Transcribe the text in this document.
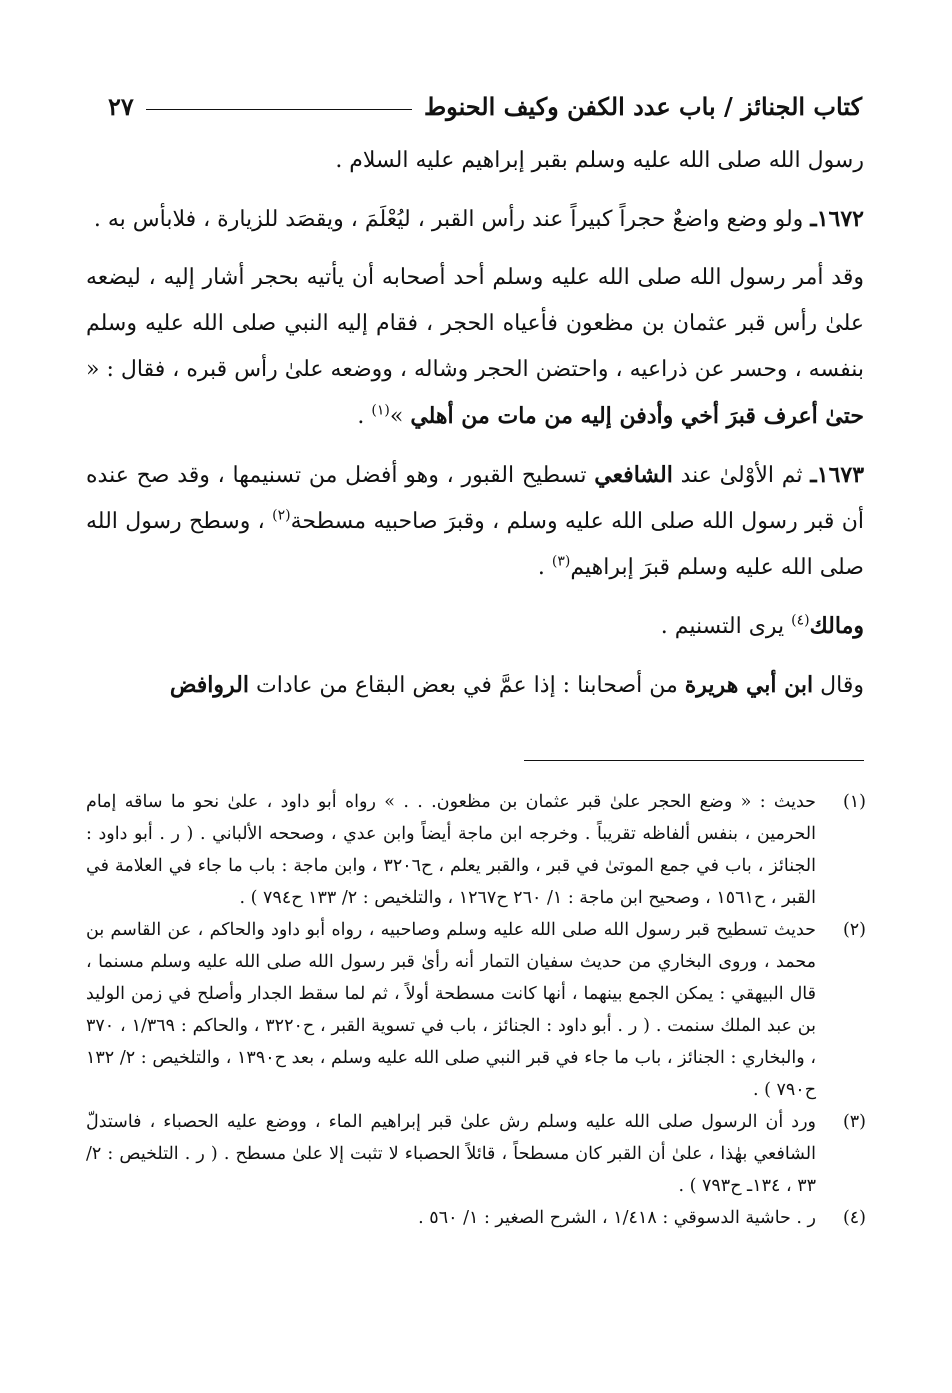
كتاب الجنائز / باب عدد الكفن وكيف الحنوط
٢٧

رسول الله صلى الله عليه وسلم بقبر إبراهيم عليه السلام .

١٦٧٢ـ ولو وضع واضعٌ حجراً كبيراً عند رأس القبر ، ليُعْلَمَ ، ويقصَد للزيارة ، فلابأس به .

وقد أمر رسول الله صلى الله عليه وسلم أحد أصحابه أن يأتيه بحجر أشار إليه ، ليضعه علىٰ رأس قبر عثمان بن مظعون فأعياه الحجر ، فقام إليه النبي صلى الله عليه وسلم بنفسه ، وحسر عن ذراعيه ، واحتضن الحجر وشاله ، ووضعه علىٰ رأس قبره ، فقال : « حتىٰ أعرف قبرَ أخي وأدفن إليه من مات من أهلي »$^{(١)}$ .

١٦٧٣ـ ثم الأوْلىٰ عند الشافعي تسطيح القبور ، وهو أفضل من تسنيمها ، وقد صح عنده أن قبر رسول الله صلى الله عليه وسلم ، وقبرَ صاحبيه مسطحة$^{(٢)}$ ، وسطح رسول الله صلى الله عليه وسلم قبرَ إبراهيم$^{(٣)}$ .

ومالك$^{(٤)}$ يرى التسنيم .

وقال ابن أبي هريرة من أصحابنا : إذا عمَّ في بعض البقاع من عادات الروافض

(١)
حديث : « وضع الحجر علىٰ قبر عثمان بن مظعون. . . » رواه أبو داود ، علىٰ نحو ما ساقه إمام الحرمين ، بنفس ألفاظه تقريباً . وخرجه ابن ماجة أيضاً وابن عدي ، وصححه الألباني . ( ر . أبو داود : الجنائز ، باب في جمع الموتىٰ في قبر ، والقبر يعلم ، ح٣٢٠٦ ، وابن ماجة : باب ما جاء في العلامة في القبر ، ح١٥٦١ ، وصحيح ابن ماجة : ١/ ٢٦٠ ح١٢٦٧ ، والتلخيص : ٢/ ١٣٣ ح٧٩٤ ) .
(٢)
حديث تسطيح قبر رسول الله صلى الله عليه وسلم وصاحبيه ، رواه أبو داود والحاكم ، عن القاسم بن محمد ، وروى البخاري من حديث سفيان التمار أنه رأىٰ قبر رسول الله صلى الله عليه وسلم مسنما ، قال البيهقي : يمكن الجمع بينهما ، أنها كانت مسطحة أولاً ، ثم لما سقط الجدار وأصلح في زمن الوليد بن عبد الملك سنمت . ( ر . أبو داود : الجنائز ، باب في تسوية القبر ، ح٣٢٢٠ ، والحاكم : ١/٣٦٩ ، ٣٧٠ ، والبخاري : الجنائز ، باب ما جاء في قبر النبي صلى الله عليه وسلم ، بعد ح١٣٩٠ ، والتلخيص : ٢/ ١٣٢ ح٧٩٠ ) .
(٣)
ورد أن الرسول صلى الله عليه وسلم رش علىٰ قبر إبراهيم الماء ، ووضع عليه الحصباء ، فاستدلّ الشافعي بهٰذا ، علىٰ أن القبر كان مسطحاً ، قائلاً الحصباء لا تثبت إلا علىٰ مسطح . ( ر . التلخيص : ٢/ ٣٣ ، ١٣٤ـ ح٧٩٣ ) .
(٤)
ر . حاشية الدسوقي : ١/٤١٨ ، الشرح الصغير : ١/ ٥٦٠ .
